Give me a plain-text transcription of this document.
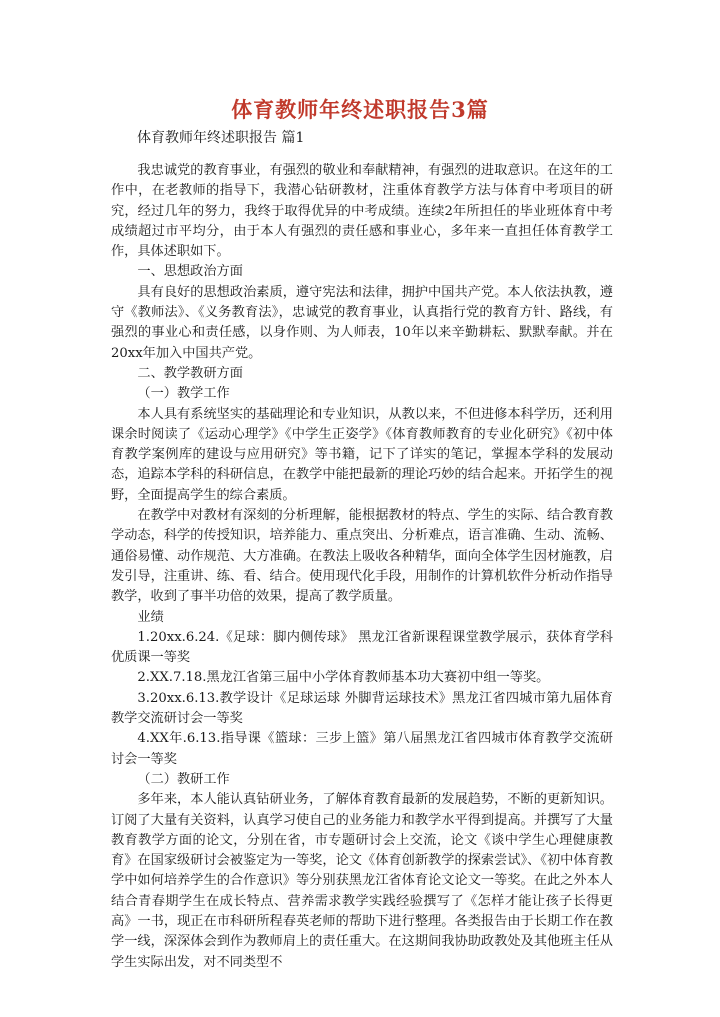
体育教师年终述职报告3篇
体育教师年终述职报告 篇1

我忠诚党的教育事业，有强烈的敬业和奉献精神，有强烈的进取意识。在这年的工作中，在老教师的指导下，我潜心钻研教材，注重体育教学方法与体育中考项目的研究，经过几年的努力，我终于取得优异的中考成绩。连续2年所担任的毕业班体育中考成绩超过市平均分，由于本人有强烈的责任感和事业心，多年来一直担任体育教学工作，具体述职如下。

一、思想政治方面

具有良好的思想政治素质，遵守宪法和法律，拥护中国共产党。本人依法执教，遵守《教师法》、《义务教育法》，忠诚党的教育事业，认真指行党的教育方针、路线，有强烈的事业心和责任感，以身作则、为人师表，10年以来辛勤耕耘、默默奉献。并在20xx年加入中国共产党。

二、教学教研方面

（一）教学工作

本人具有系统坚实的基础理论和专业知识，从教以来，不但进修本科学历，还利用课余时阅读了《运动心理学》《中学生正姿学》《体育教师教育的专业化研究》《初中体育教学案例库的建设与应用研究》等书籍，记下了详实的笔记，掌握本学科的发展动态，追踪本学科的科研信息，在教学中能把最新的理论巧妙的结合起来。开拓学生的视野，全面提高学生的综合素质。

在教学中对教材有深刻的分析理解，能根据教材的特点、学生的实际、结合教育教学动态，科学的传授知识，培养能力、重点突出、分析难点，语言准确、生动、流畅、通俗易懂、动作规范、大方准确。在教法上吸收各种精华，面向全体学生因材施教，启发引导，注重讲、练、看、结合。使用现代化手段，用制作的计算机软件分析动作指导教学，收到了事半功倍的效果，提高了教学质量。

业绩

1.20xx.6.24.《足球：脚内侧传球》 黑龙江省新课程课堂教学展示，获体育学科优质课一等奖

2.XX.7.18.黑龙江省第三届中小学体育教师基本功大赛初中组一等奖。

3.20xx.6.13.教学设计《足球运球 外脚背运球技术》黑龙江省四城市第九届体育教学交流研讨会一等奖

4.XX年.6.13.指导课《篮球：三步上篮》第八届黑龙江省四城市体育教学交流研讨会一等奖

（二）教研工作

多年来，本人能认真钻研业务，了解体育教育最新的发展趋势，不断的更新知识。订阅了大量有关资料，认真学习使自己的业务能力和教学水平得到提高。并撰写了大量教育教学方面的论文，分别在省，市专题研讨会上交流，论文《谈中学生心理健康教育》在国家级研讨会被鉴定为一等奖，论文《体育创新教学的探索尝试》、《初中体育教学中如何培养学生的合作意识》等分别获黑龙江省体育论文论文一等奖。在此之外本人结合青春期学生在成长特点、营养需求教学实践经验撰写了《怎样才能让孩子长得更高》一书，现正在市科研所程春英老师的帮助下进行整理。各类报告由于长期工作在教学一线，深深体会到作为教师肩上的责任重大。在这期间我协助政教处及其他班主任从学生实际出发，对不同类型不
